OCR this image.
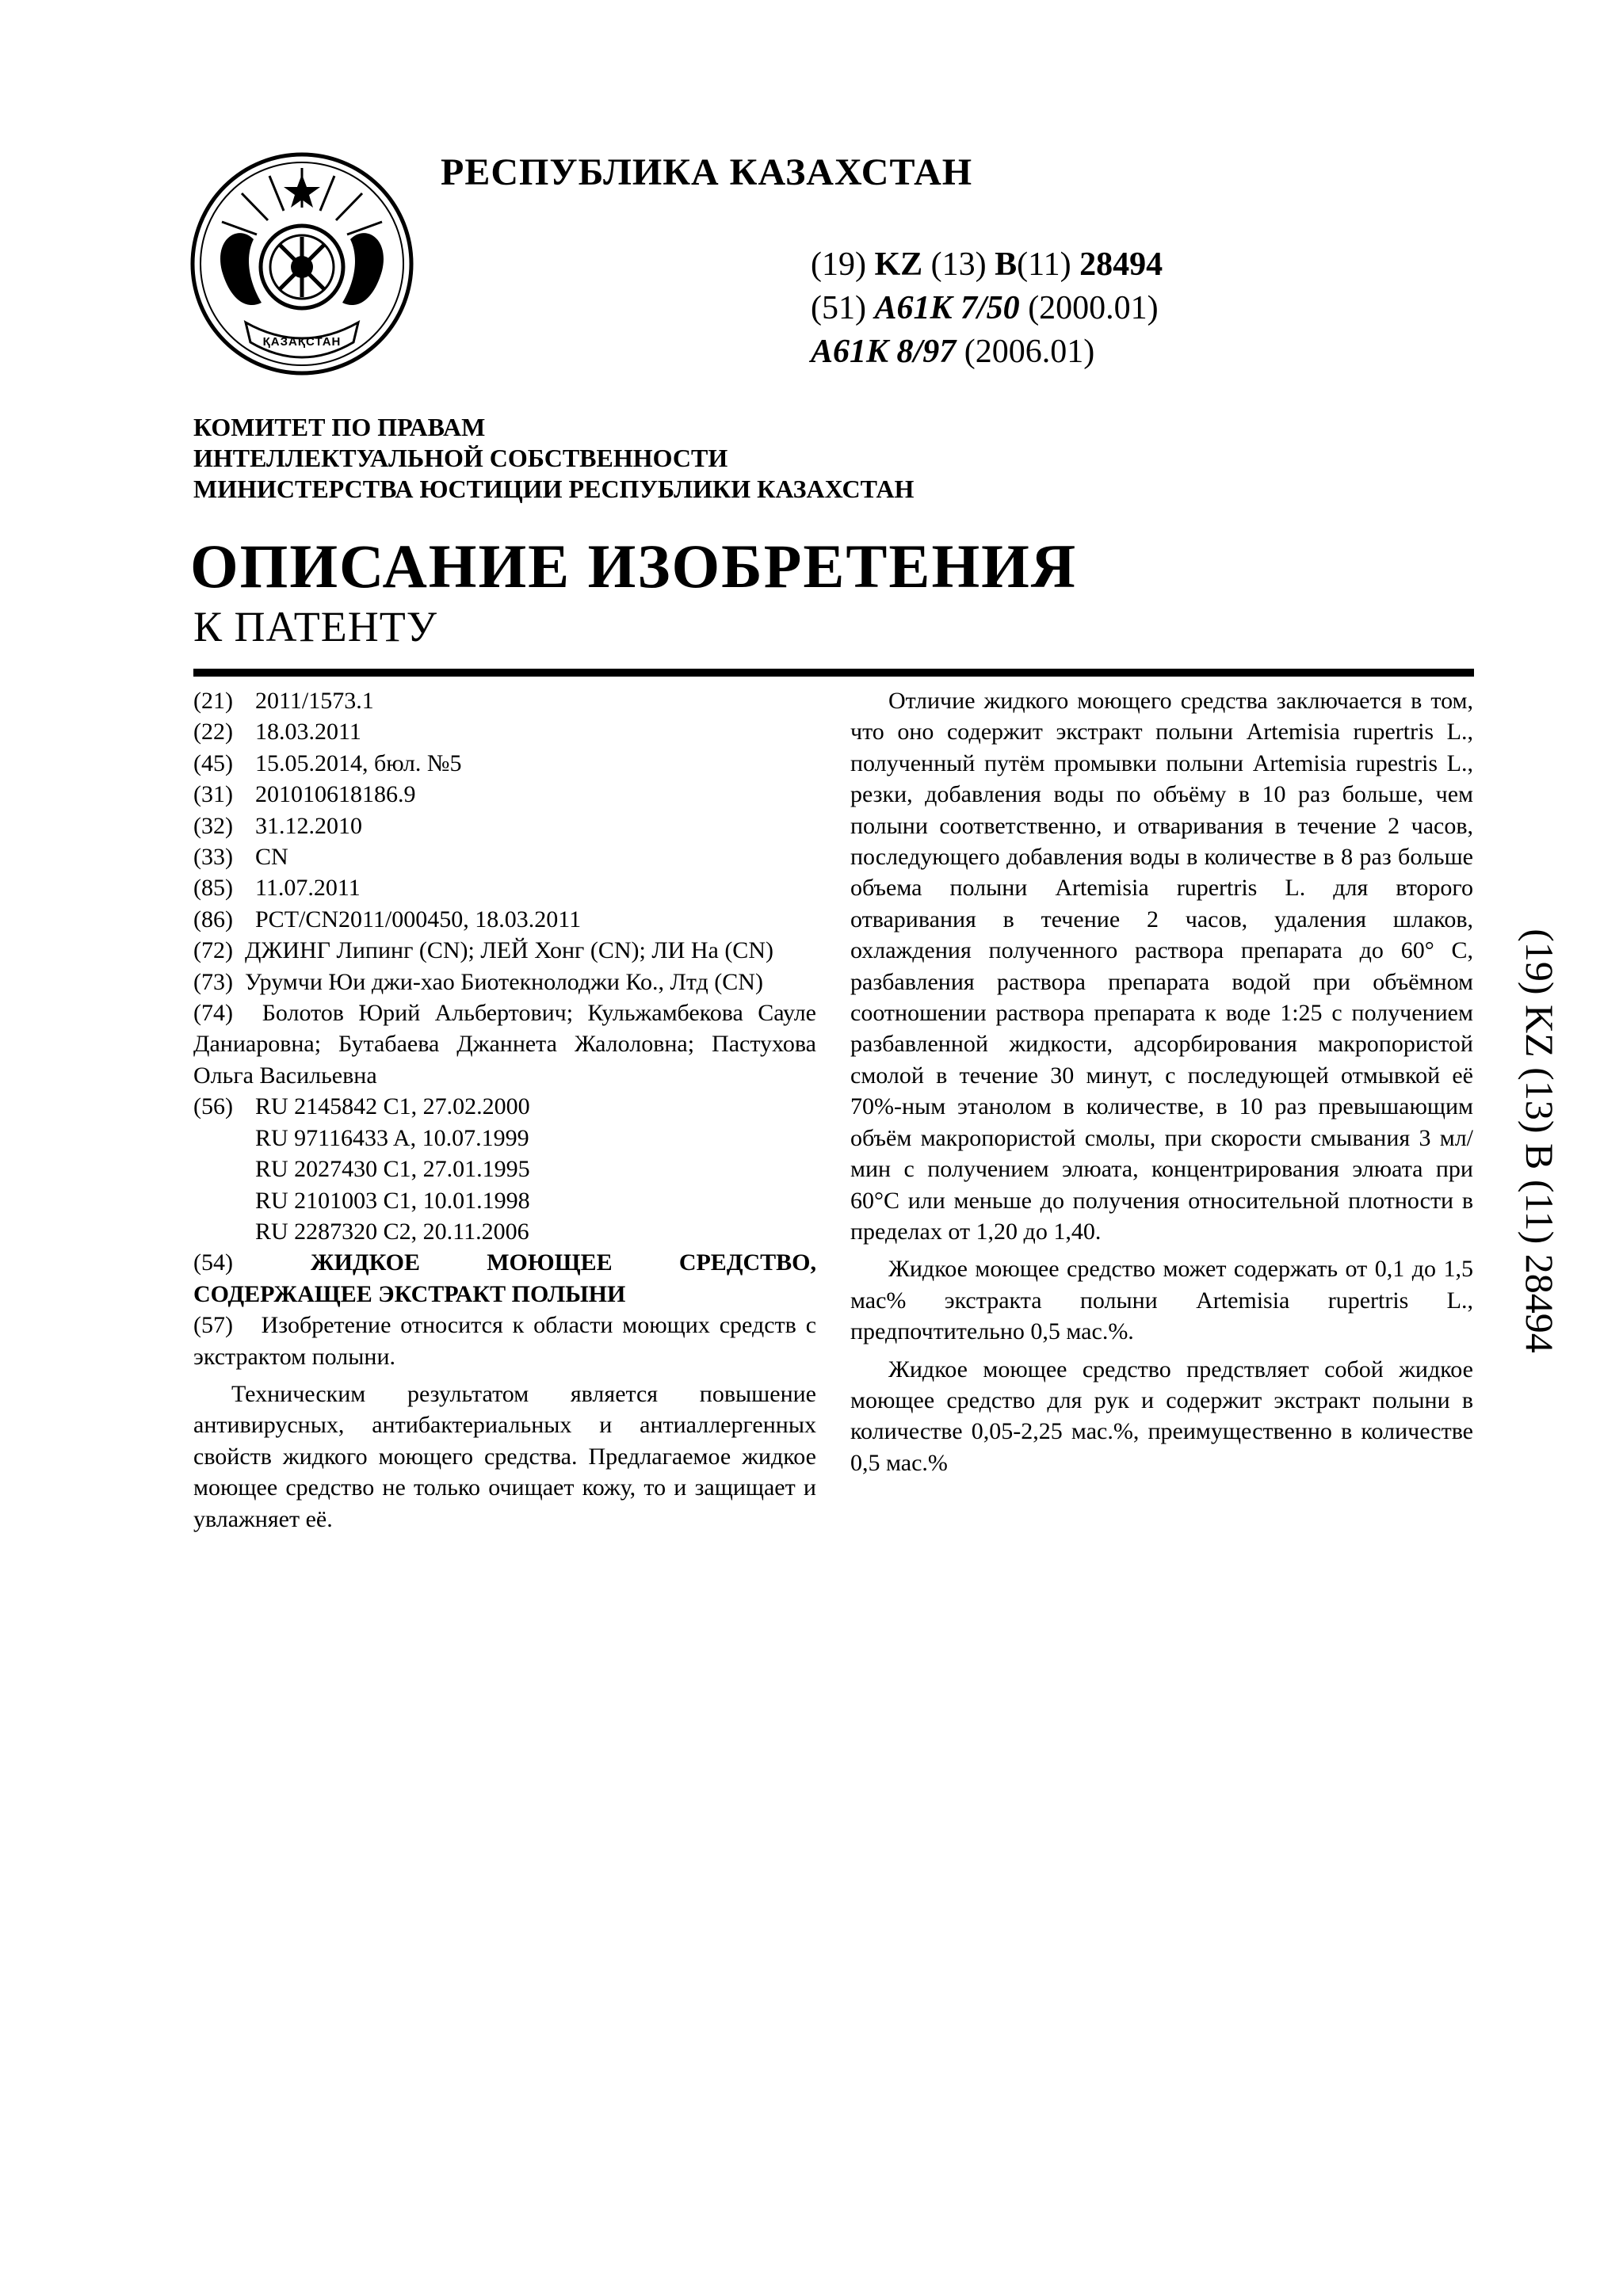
ҚАЗАҚСТАН
РЕСПУБЛИКА КАЗАХСТАН
(19) KZ (13) B(11) 28494
(51) A61K 7/50 (2000.01)
A61K 8/97 (2006.01)
КОМИТЕТ ПО ПРАВАМ
ИНТЕЛЛЕКТУАЛЬНОЙ СОБСТВЕННОСТИ
МИНИСТЕРСТВА ЮСТИЦИИ РЕСПУБЛИКИ КАЗАХСТАН
ОПИСАНИЕ ИЗОБРЕТЕНИЯ
К ПАТЕНТУ
(21) 2011/1573.1
(22) 18.03.2011
(45) 15.05.2014, бюл. №5
(31) 201010618186.9
(32) 31.12.2010
(33) CN
(85) 11.07.2011
(86) PCT/CN2011/000450, 18.03.2011
(72) ДЖИНГ Липинг (CN); ЛЕЙ Хонг (CN); ЛИ На (CN)
(73) Урумчи Юи джи-хао Биотекнолоджи Ко., Лтд (CN)
(74) Болотов Юрий Альбертович; Кульжамбекова Сауле Даниаровна; Бутабаева Джаннета Жалоловна; Пастухова Ольга Васильевна
(56) RU 2145842 C1, 27.02.2000
RU 97116433 A, 10.07.1999
RU 2027430 C1, 27.01.1995
RU 2101003 C1, 10.01.1998
RU 2287320 C2, 20.11.2006
(54)	ЖИДКОЕ	МОЮЩЕЕ	СРЕДСТВО,
СОДЕРЖАЩЕЕ ЭКСТРАКТ ПОЛЫНИ
(57) Изобретение относится к области моющих средств с экстрактом полыни.

Техническим результатом является повышение антивирусных, антибактериальных и антиаллергенных свойств жидкого моющего средства. Предлагаемое жидкое моющее средство не только очищает кожу, то и защищает и увлажняет её.

Отличие жидкого моющего средства заключается в том, что оно содержит экстракт полыни Artemisia rupertris L., полученный путём промывки полыни Artemisia rupestris L., резки, добавления воды по объёму в 10 раз больше, чем полыни соответственно, и отваривания в течение 2 часов, последующего добавления воды в количестве в 8 раз больше объема полыни Artemisia rupertris L. для второго отваривания в течение 2 часов, удаления шлаков, охлаждения полученного раствора препарата до 60° C, разбавления раствора препарата водой при объёмном соотношении раствора препарата к воде 1:25 с получением разбавленной жидкости, адсорбирования макропористой смолой в течение 30 минут, с последующей отмывкой её 70%-ным этанолом в количестве, в 10 раз превышающим объём макропористой смолы, при скорости смывания 3 мл/мин с получением элюата, концентрирования элюата при 60°C или меньше до получения относительной плотности в пределах от 1,20 до 1,40.

Жидкое моющее средство может содержать от 0,1 до 1,5 мас% экстракта полыни Artemisia rupertris L., предпочтительно 0,5 мас.%.

Жидкое моющее средство предствляет собой жидкое моющее средство для рук и содержит экстракт полыни в количестве 0,05-2,25 мас.%, преимущественно в количестве 0,5 мас.%

(19) KZ (13) B (11) 28494
